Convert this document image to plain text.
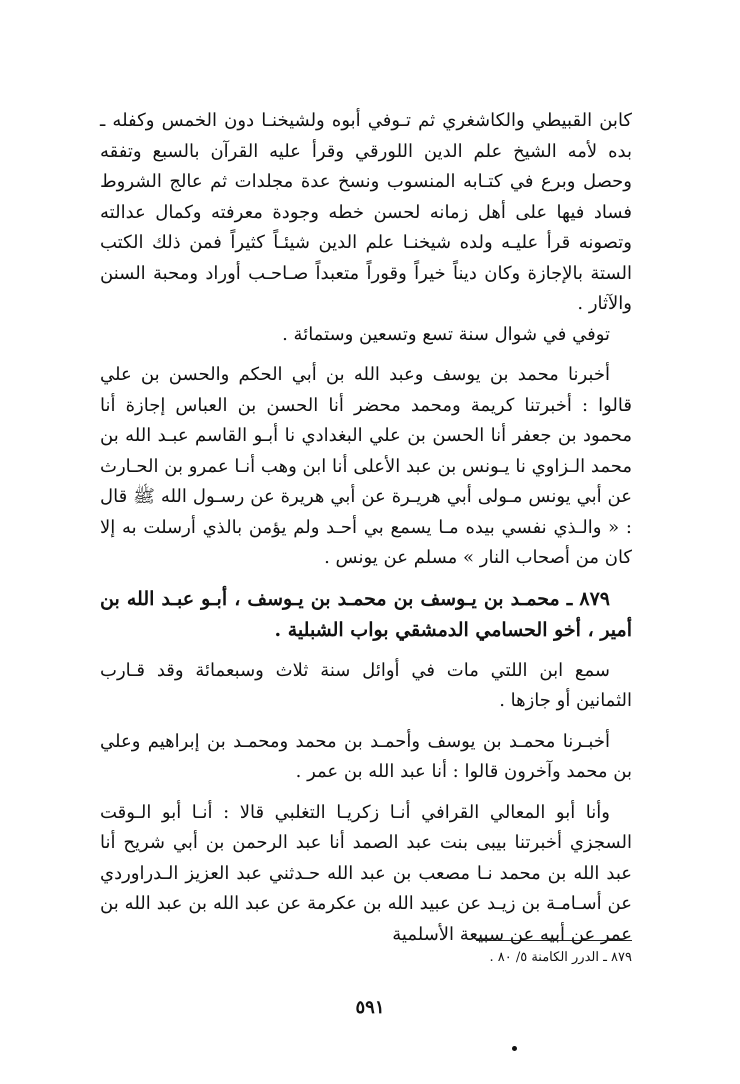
كابن القبيطي والكاشغري ثم تـوفي أبوه ولشيخنـا دون الخمس وكفله ـ بده لأمه الشيخ علم الدين اللورقي وقرأ عليه القرآن بالسبع وتفقه وحصل وبرع في كتـابه المنسوب ونسخ عدة مجلدات ثم عالج الشروط فساد فيها على أهل زمانه لحسن خطه وجودة معرفته وكمال عدالته وتصونه قرأ عليـه ولده شيخنـا علم الدين شيئـاً كثيراً فمن ذلك الكتب الستة بالإجازة وكان ديناً خيراً وقوراً متعبداً صـاحـب أوراد ومحبة السنن والآثار .

توفي في شوال سنة تسع وتسعين وستمائة .

أخبرنا محمد بن يوسف وعبد الله بن أبي الحكم والحسن بن علي قالوا : أخبرتنا كريمة ومحمد محضر أنا الحسن بن العباس إجازة أنا محمود بن جعفر أنا الحسن بن علي البغدادي نا أبـو القاسم عبـد الله بن محمد الـزاوي نا يـونس بن عبد الأعلى أنا ابن وهب أنـا عمرو بن الحـارث عن أبي يونس مـولى أبي هريـرة عن أبي هريرة عن رسـول الله ﷺ قال : « والـذي نفسي بيده مـا يسمع بي أحـد ولم يؤمن بالذي أرسلت به إلا كان من أصحاب النار » مسلم عن يونس .

٨٧٩ ـ محمـد بن يـوسف بن محمـد بن يـوسف ، أبـو عبـد الله بن أمير ، أخو الحسامي الدمشقي بواب الشبلية .

سمع ابن اللتي مات في أوائل سنة ثلاث وسبعمائة وقد قـارب الثمانين أو جازها .

أخبـرنا محمـد بن يوسف وأحمـد بن محمد ومحمـد بن إبراهيم وعلي بن محمد وآخرون قالوا : أنا عبد الله بن عمر .

وأنا أبو المعالي القرافي أنـا زكريـا التغلبي قالا : أنـا أبو الـوقت السجزي أخبرتنا بيبى بنت عبد الصمد أنا عبد الرحمن بن أبي شريح أنا عبد الله بن محمد نـا مصعب بن عبد الله حـدثني عبد العزيز الـدراوردي عن أسـامـة بن زيـد عن عبيد الله بن عكرمة عن عبد الله بن عبد الله بن عمر عن أبيه عن سبيعة الأسلمية

٨٧٩ ـ الدرر الكامنة ٥/ ٨٠ .
٥٩١
